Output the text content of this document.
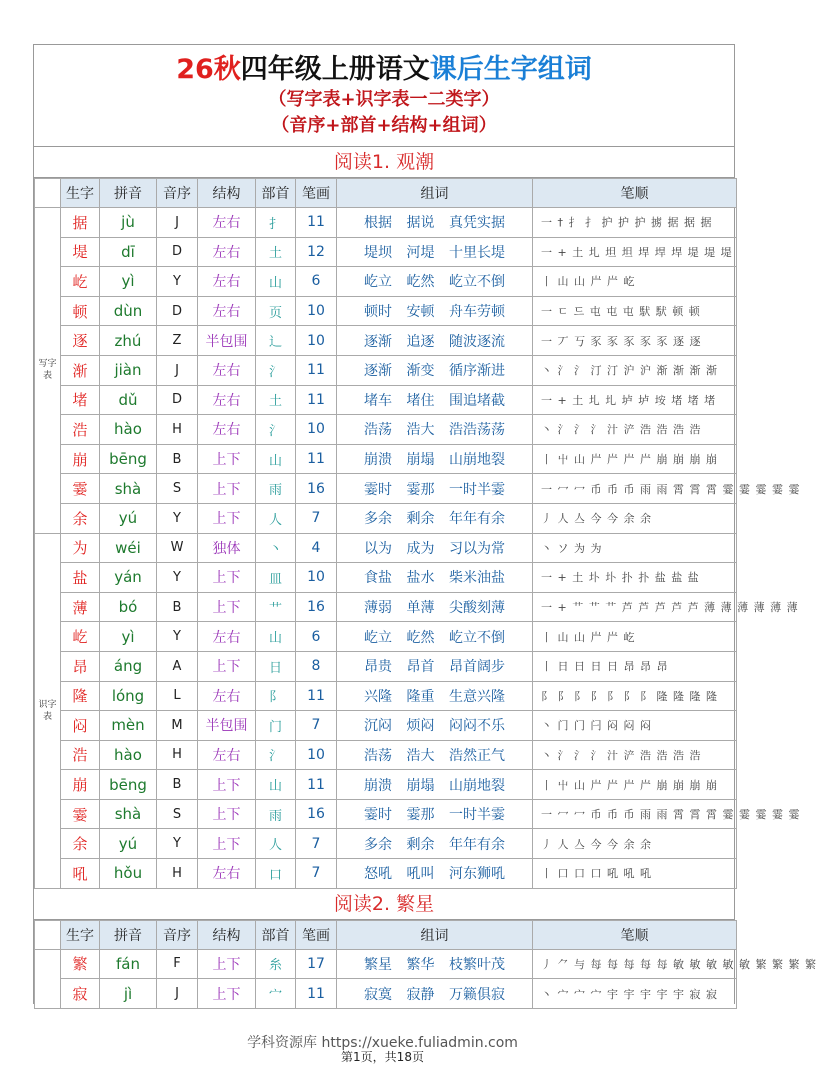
26秋四年级上册语文课后生字组词
（写字表+识字表一二类字）
（音序+部首+结构+组词）
阅读1. 观潮
	生字	拼音	音序	结构	部首	笔画	组词	笔顺
写字表	据	jù	J	左右	扌	11	根据 据说 真凭实据	一 † 扌 扌 护 护 护 掳 据 据 据
	堤	dī	D	左右	土	12	堤坝 河堤 十里长堤	一 + 土 圠 坦 坦 垾 垾 垾 堤 堤 堤
	屹	yì	Y	左右	山	6	屹立 屹然 屹立不倒	丨 山 山 屵 屵 屹
	顿	dùn	D	左右	页	10	顿时 安顿 舟车劳顿	一 ㄷ 드 屯 屯 屯 䭾 䭾 顿 顿
	逐	zhú	Z	半包围	辶	10	逐渐 追逐 随波逐流	一 丆 丂 豕 豕 豕 豕 豕 逐 逐
	渐	jiàn	J	左右	氵	11	逐渐 渐变 循序渐进	丶 氵 氵 汀 汀 沪 沪 渐 渐 渐 渐
	堵	dǔ	D	左右	土	11	堵车 堵住 围追堵截	一 + 土 圠 圠 垆 垆 垵 堵 堵 堵
	浩	hào	H	左右	氵	10	浩荡 浩大 浩浩荡荡	丶 氵 氵 氵 汁 浐 浩 浩 浩 浩
	崩	bēng	B	上下	山	11	崩溃 崩塌 山崩地裂	丨 屮 山 屵 屵 屵 屵 崩 崩 崩 崩
	霎	shà	S	上下	雨	16	霎时 霎那 一时半霎	一 冖 冖 币 币 币 雨 雨 霄 霄 霄 霎 霎 霎 霎 霎
	余	yú	Y	上下	人	7	多余 剩余 年年有余	丿 人 亼 今 今 余 余
识字表	为	wéi	W	独体	丶	4	以为 成为 习以为常	丶 ソ 为 为
	盐	yán	Y	上下	皿	10	食盐 盐水 柴米油盐	一 + 土 圤 圤 扑 扑 盐 盐 盐
	薄	bó	B	上下	艹	16	薄弱 单薄 尖酸刻薄	一 + 艹 艹 艹 芦 芦 芦 芦 芦 薄 薄 薄 薄 薄 薄
	屹	yì	Y	左右	山	6	屹立 屹然 屹立不倒	丨 山 山 屵 屵 屹
	昂	áng	A	上下	日	8	昂贵 昂首 昂首阔步	丨 日 日 日 日 昂 昂 昂
	隆	lóng	L	左右	阝	11	兴隆 隆重 生意兴隆	阝 阝 阝 阝 阝 阝 阝 隆 隆 隆 隆
	闷	mèn	M	半包围	门	7	沉闷 烦闷 闷闷不乐	丶 门 门 闩 闷 闷 闷
	浩	hào	H	左右	氵	10	浩荡 浩大 浩然正气	丶 氵 氵 氵 汁 浐 浩 浩 浩 浩
	崩	bēng	B	上下	山	11	崩溃 崩塌 山崩地裂	丨 屮 山 屵 屵 屵 屵 崩 崩 崩 崩
	霎	shà	S	上下	雨	16	霎时 霎那 一时半霎	一 冖 冖 币 币 币 雨 雨 霄 霄 霄 霎 霎 霎 霎 霎
	余	yú	Y	上下	人	7	多余 剩余 年年有余	丿 人 亼 今 今 余 余
	吼	hǒu	H	左右	口	7	怒吼 吼叫 河东狮吼	丨 口 口 口 吼 吼 吼
阅读2. 繁星
	生字	拼音	音序	结构	部首	笔画	组词	笔顺
	繁	fán	F	上下	糸	17	繁星 繁华 枝繁叶茂	丿 ⺈ 与 每 每 每 每 每 敏 敏 敏 敏 敏 繁 繁 繁 繁
	寂	jì	J	上下	宀	11	寂寞 寂静 万籁俱寂	丶 宀 宀 宀 宇 宇 宇 宇 宇 寂 寂
学科资源库 https://xueke.fuliadmin.com
第1页，共18页
